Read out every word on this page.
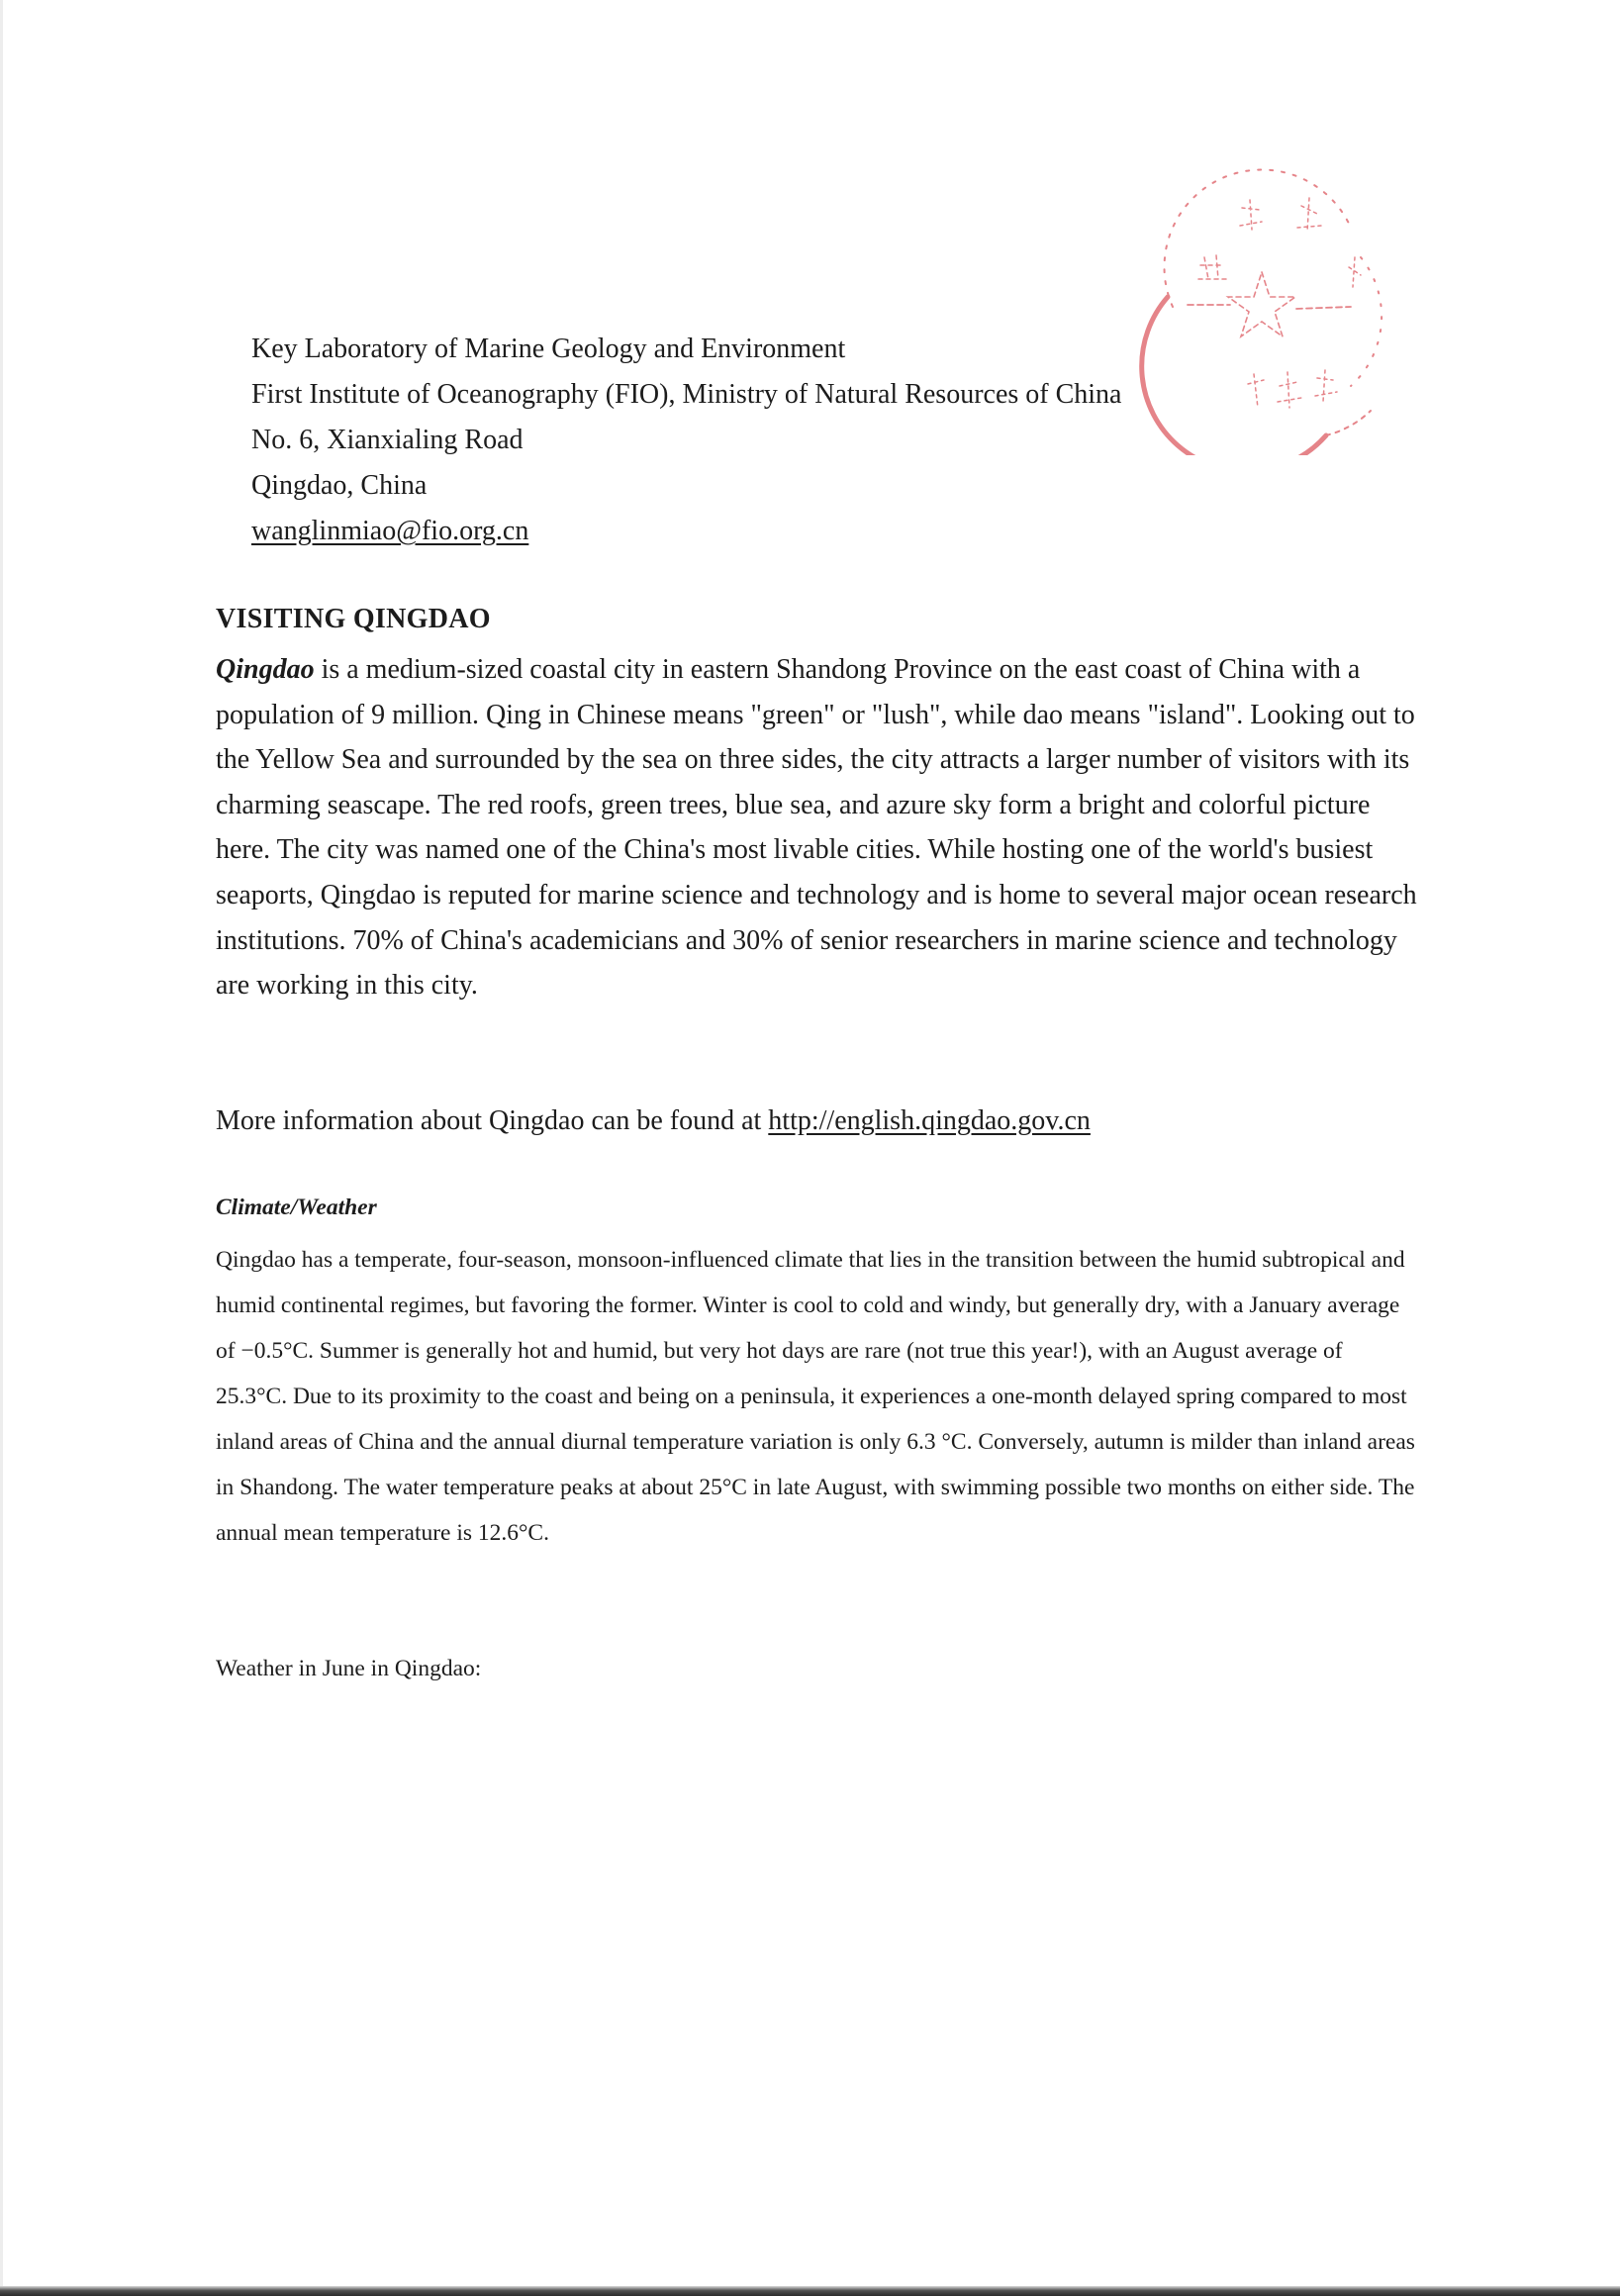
Key Laboratory of Marine Geology and Environment
First Institute of Oceanography (FIO), Ministry of Natural Resources of China
No. 6, Xianxialing Road
Qingdao, China
wanglinmiao@fio.org.cn
VISITING QINGDAO

Qingdao is a medium-sized coastal city in eastern Shandong Province on the east coast of China with a population of 9 million. Qing in Chinese means "green" or "lush", while dao means "island". Looking out to the Yellow Sea and surrounded by the sea on three sides, the city attracts a larger number of visitors with its charming seascape. The red roofs, green trees, blue sea, and azure sky form a bright and colorful picture here. The city was named one of the China's most livable cities. While hosting one of the world's busiest seaports, Qingdao is reputed for marine science and technology and is home to several major ocean research institutions. 70% of China's academicians and 30% of senior researchers in marine science and technology are working in this city.

More information about Qingdao can be found at http://english.qingdao.gov.cn
Climate/Weather

Qingdao has a temperate, four-season, monsoon-influenced climate that lies in the transition between the humid subtropical and humid continental regimes, but favoring the former. Winter is cool to cold and windy, but generally dry, with a January average of −0.5°C. Summer is generally hot and humid, but very hot days are rare (not true this year!), with an August average of 25.3°C. Due to its proximity to the coast and being on a peninsula, it experiences a one-month delayed spring compared to most inland areas of China and the annual diurnal temperature variation is only 6.3 °C. Conversely, autumn is milder than inland areas in Shandong. The water temperature peaks at about 25°C in late August, with swimming possible two months on either side. The annual mean temperature is 12.6°C.

Weather in June in Qingdao:
